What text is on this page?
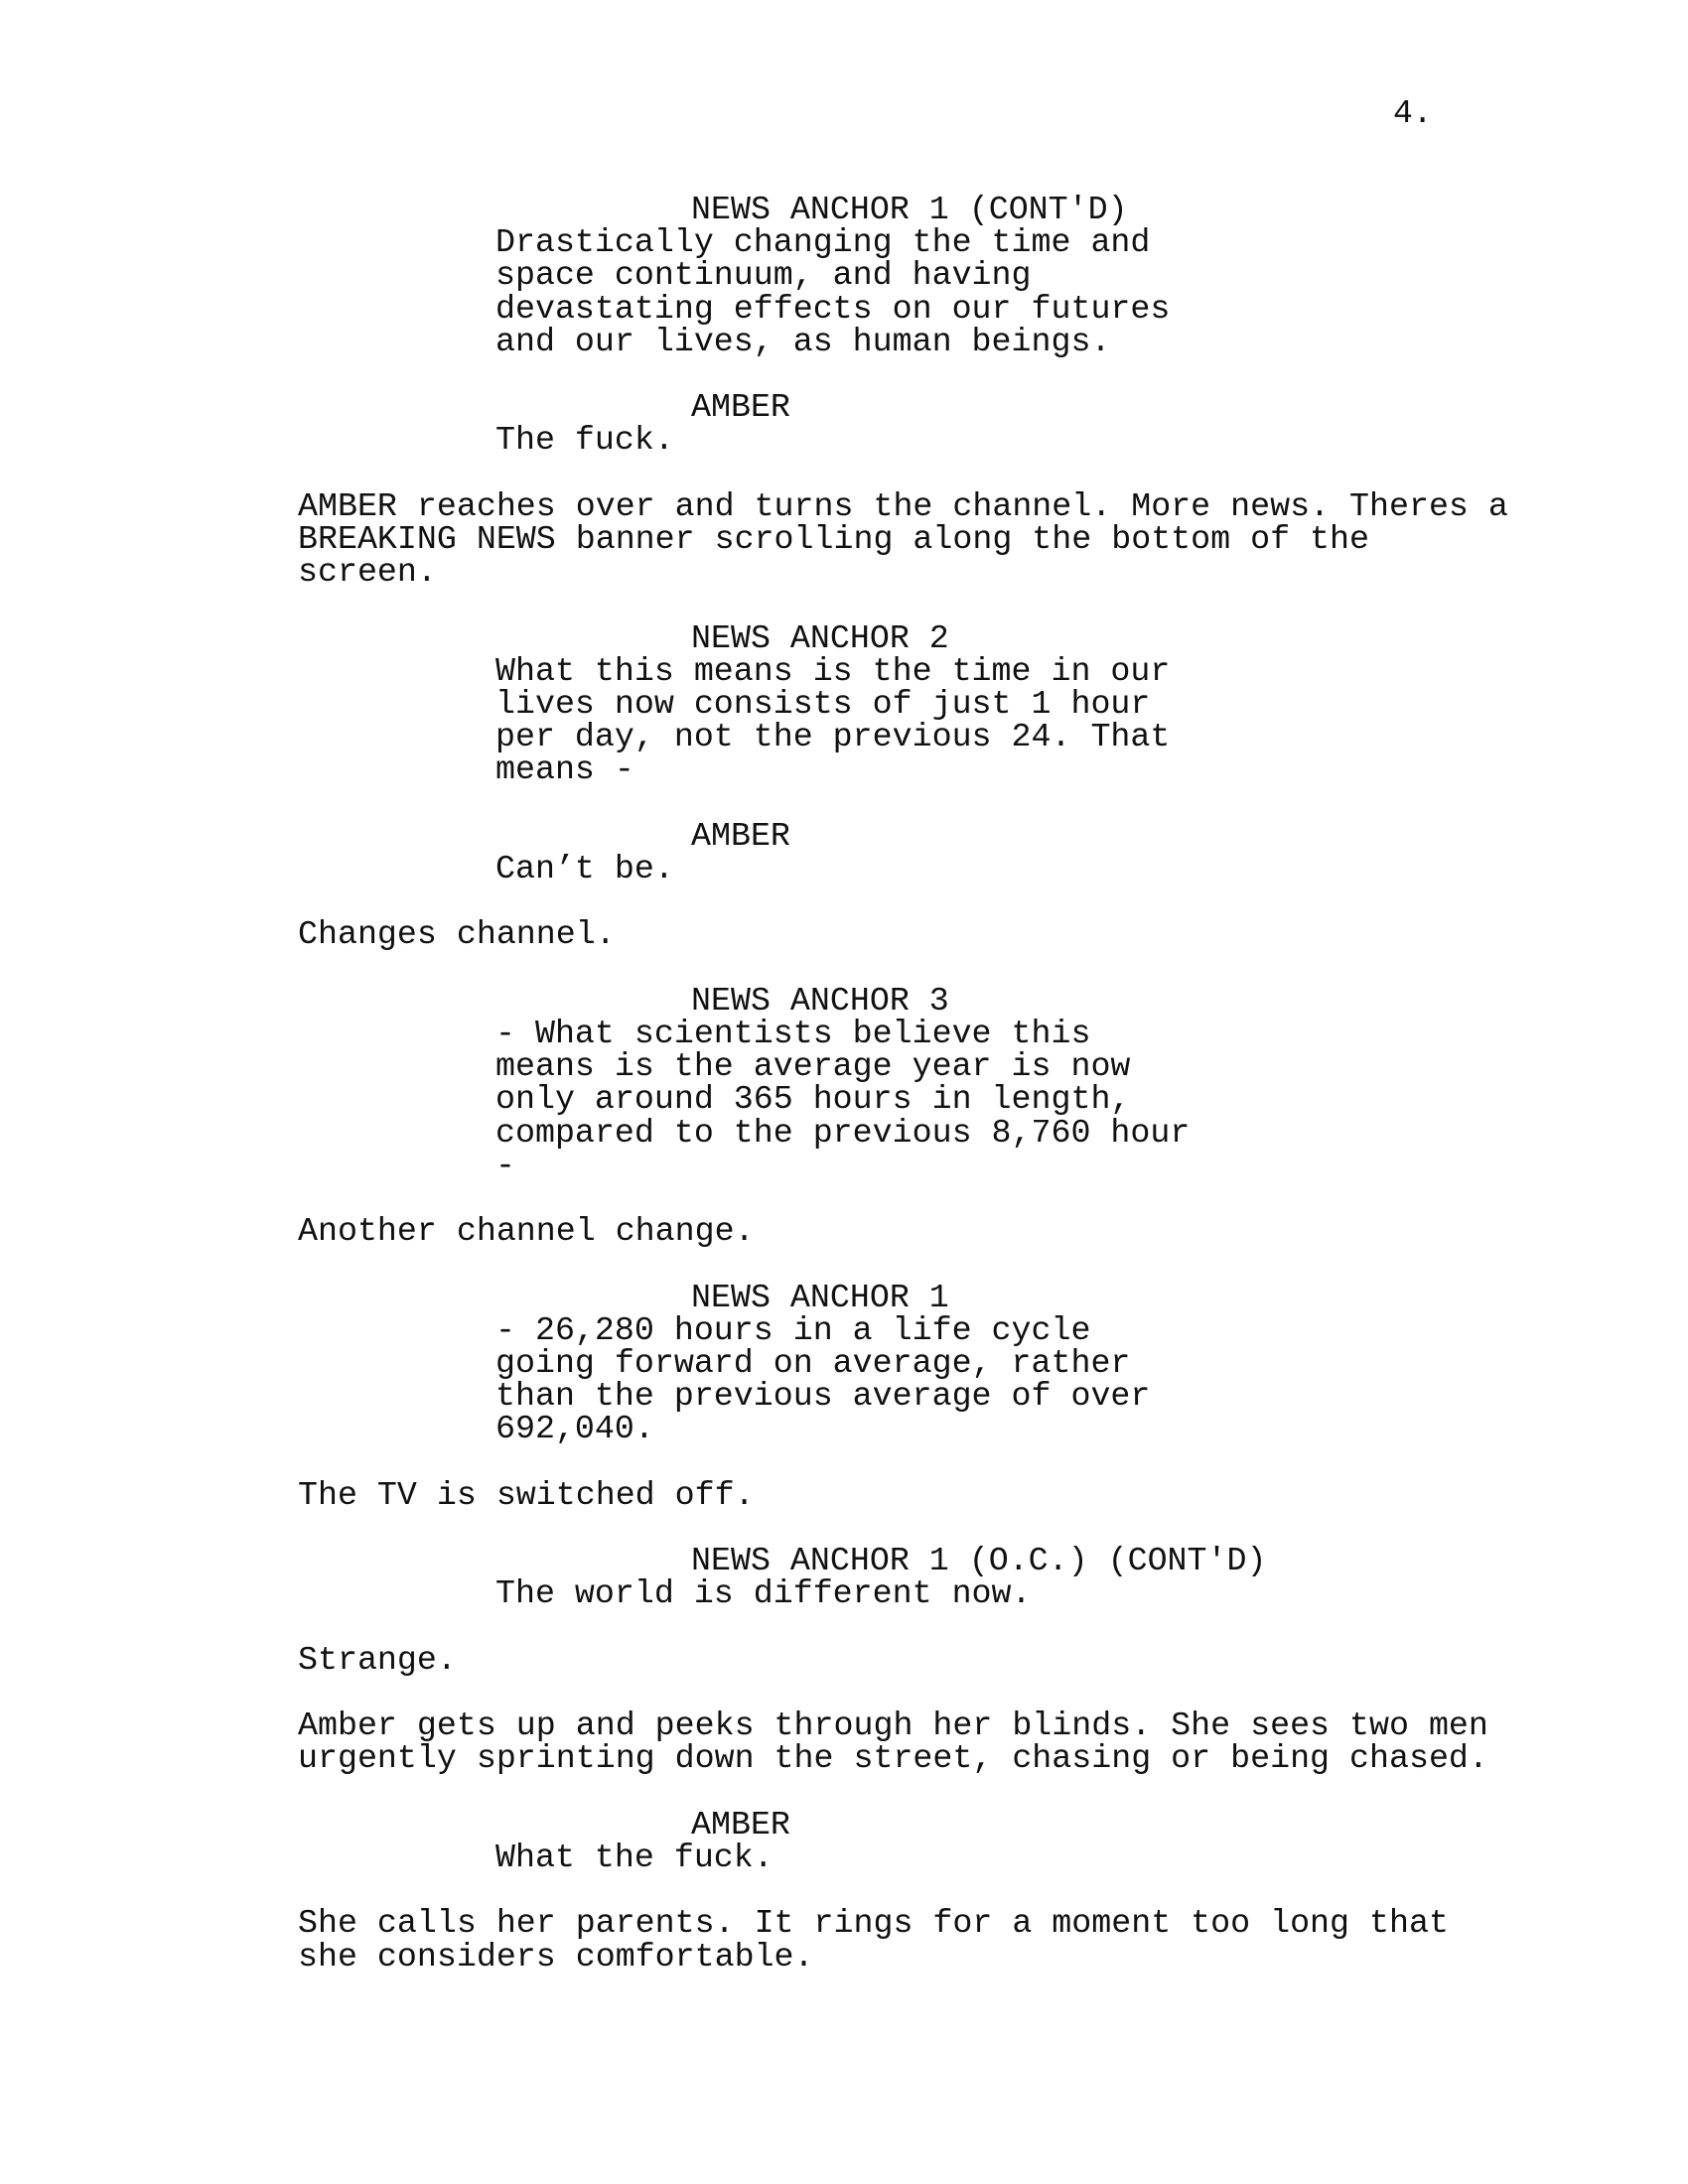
4.
NEWS ANCHOR 1 (CONT'D)
Drastically changing the time and
space continuum, and having
devastating effects on our futures
and our lives, as human beings.
AMBER
The fuck.
AMBER reaches over and turns the channel. More news. Theres a
BREAKING NEWS banner scrolling along the bottom of the
screen.
NEWS ANCHOR 2
What this means is the time in our
lives now consists of just 1 hour
per day, not the previous 24. That
means -
AMBER
Can’t be.
Changes channel.
NEWS ANCHOR 3
- What scientists believe this
means is the average year is now
only around 365 hours in length,
compared to the previous 8,760 hour
-
Another channel change.
NEWS ANCHOR 1
- 26,280 hours in a life cycle
going forward on average, rather
than the previous average of over
692,040.
The TV is switched off.
NEWS ANCHOR 1 (O.C.) (CONT'D)
The world is different now.
Strange.
Amber gets up and peeks through her blinds. She sees two men
urgently sprinting down the street, chasing or being chased.
AMBER
What the fuck.
She calls her parents. It rings for a moment too long that
she considers comfortable.
